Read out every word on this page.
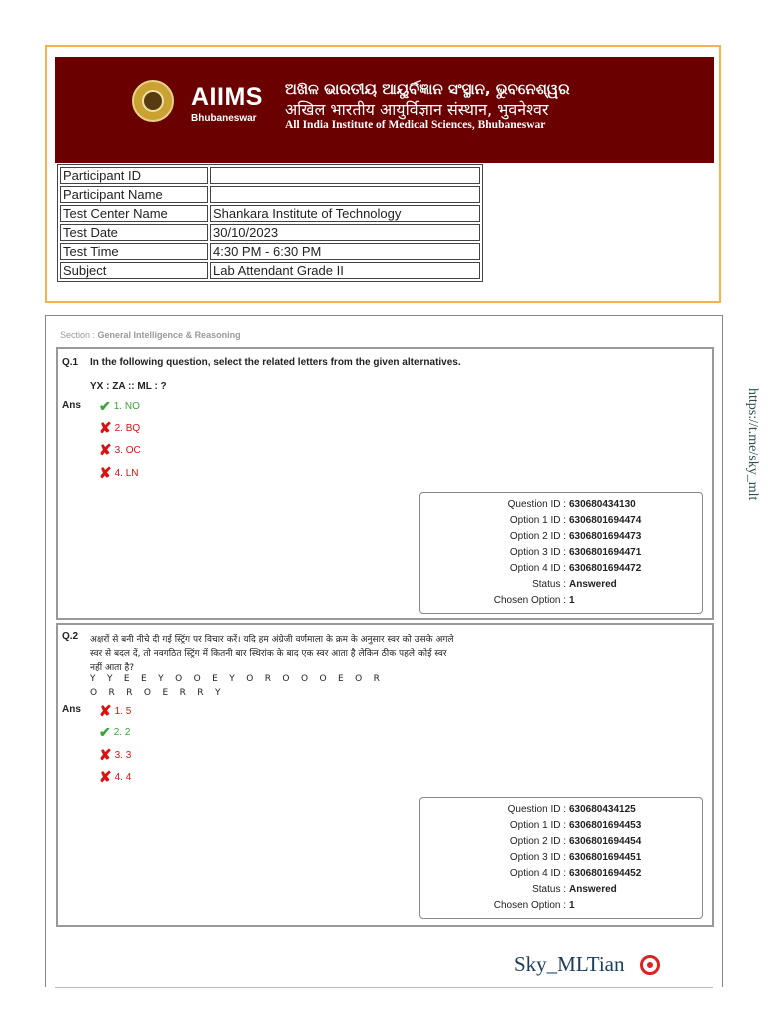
AIIMS
Bhubaneswar
ଅଖିଳ ଭାରତୀୟ ଆୟୁର୍ବିଜ୍ଞାନ ସଂସ୍ଥାନ, ଭୁବନେଶ୍ୱର
अखिल भारतीय आयुर्विज्ञान संस्थान, भुवनेश्वर
All India Institute of Medical Sciences, Bhubaneswar
Participant ID	
Participant Name	
Test Center Name	Shankara Institute of Technology
Test Date	30/10/2023
Test Time	4:30 PM - 6:30 PM
Subject	Lab Attendant Grade II
Section : General Intelligence & Reasoning
Q.1 In the following question, select the related letters from the given alternatives.
YX : ZA :: ML : ?
Ans ✔ 1. NO
✘ 2. BQ
✘ 3. OC
✘ 4. LN
Question ID : 630680434130
Option 1 ID : 6306801694474
Option 2 ID : 6306801694473
Option 3 ID : 6306801694471
Option 4 ID : 6306801694472
Status : Answered
Chosen Option : 1
Q.2 अक्षरों से बनी नीचे दी गई स्ट्रिंग पर विचार करें। यदि हम अंग्रेजी वर्णमाला के क्रम के अनुसार स्वर को उसके अगले
स्वर से बदल दें, तो नवगठित स्ट्रिंग में कितनी बार स्थिरांक के बाद एक स्वर आता है लेकिन ठीक पहले कोई स्वर
नहीं आता है?
Y    Y    E    E    Y    O    O    E    Y    O    R    O    O    O    E    O    R
O    R    R    O    E    R    R    Y
Ans ✘ 1. 5
✔ 2. 2
✘ 3. 3
✘ 4. 4
Question ID : 630680434125
Option 1 ID : 6306801694453
Option 2 ID : 6306801694454
Option 3 ID : 6306801694451
Option 4 ID : 6306801694452
Status : Answered
Chosen Option : 1
https://t.me/sky_mlt
Sky_MLTian
